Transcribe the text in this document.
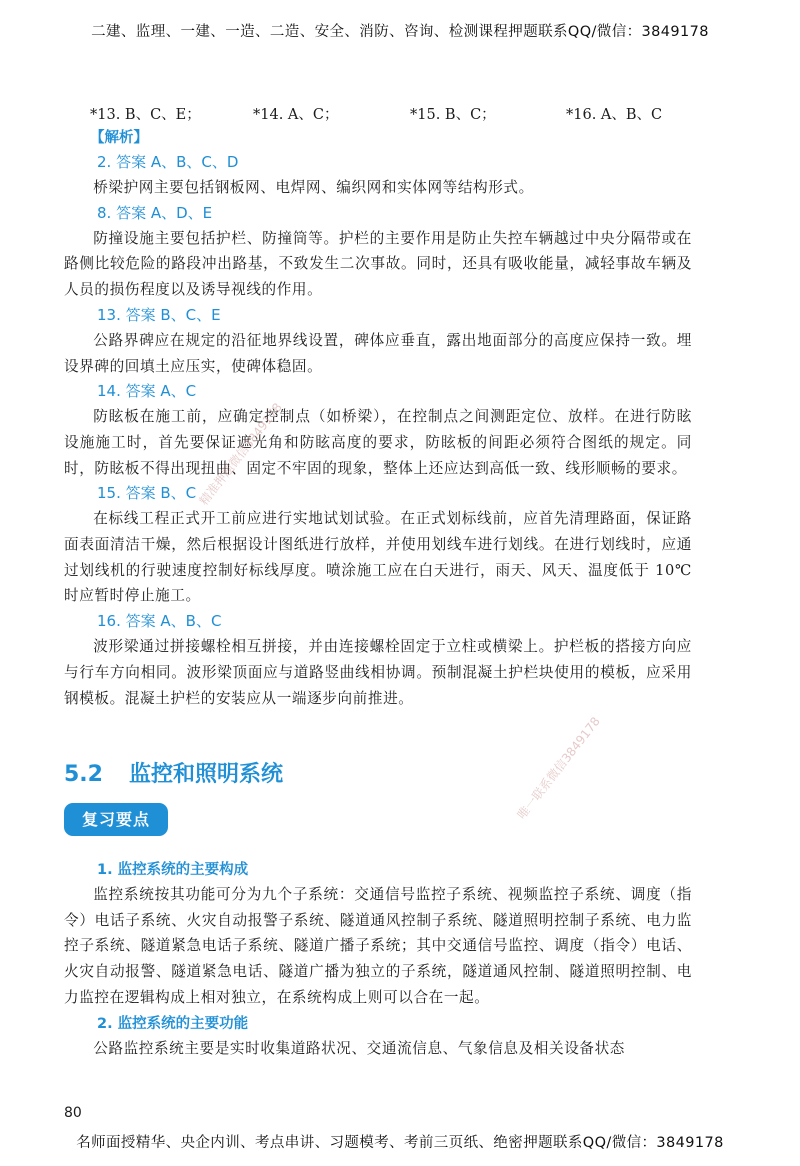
二建、监理、一建、一造、二造、安全、消防、咨询、检测课程押题联系QQ/微信：3849178
*13. B、C、E；	*14. A、C；	*15. B、C；	*16. A、B、C
【解析】
2. 答案 A、B、C、D

桥梁护网主要包括钢板网、电焊网、编织网和实体网等结构形式。

8. 答案 A、D、E

防撞设施主要包括护栏、防撞筒等。护栏的主要作用是防止失控车辆越过中央分隔带或在路侧比较危险的路段冲出路基，不致发生二次事故。同时，还具有吸收能量，减轻事故车辆及人员的损伤程度以及诱导视线的作用。

13. 答案 B、C、E

公路界碑应在规定的沿征地界线设置，碑体应垂直，露出地面部分的高度应保持一致。埋设界碑的回填土应压实，使碑体稳固。

14. 答案 A、C

防眩板在施工前，应确定控制点（如桥梁），在控制点之间测距定位、放样。在进行防眩设施施工时，首先要保证遮光角和防眩高度的要求，防眩板的间距必须符合图纸的规定。同时，防眩板不得出现扭曲、固定不牢固的现象，整体上还应达到高低一致、线形顺畅的要求。

15. 答案 B、C

在标线工程正式开工前应进行实地试划试验。在正式划标线前，应首先清理路面，保证路面表面清洁干燥，然后根据设计图纸进行放样，并使用划线车进行划线。在进行划线时，应通过划线机的行驶速度控制好标线厚度。喷涂施工应在白天进行，雨天、风天、温度低于 10℃时应暂时停止施工。

16. 答案 A、B、C

波形梁通过拼接螺栓相互拼接，并由连接螺栓固定于立柱或横梁上。护栏板的搭接方向应与行车方向相同。波形梁顶面应与道路竖曲线相协调。预制混凝土护栏块使用的模板，应采用钢模板。混凝土护栏的安装应从一端逐步向前推进。

5.2 监控和照明系统
复习要点
1. 监控系统的主要构成

监控系统按其功能可分为九个子系统：交通信号监控子系统、视频监控子系统、调度（指令）电话子系统、火灾自动报警子系统、隧道通风控制子系统、隧道照明控制子系统、电力监控子系统、隧道紧急电话子系统、隧道广播子系统；其中交通信号监控、调度（指令）电话、火灾自动报警、隧道紧急电话、隧道广播为独立的子系统，隧道通风控制、隧道照明控制、电力监控在逻辑构成上相对独立，在系统构成上则可以合在一起。

2. 监控系统的主要功能

公路监控系统主要是实时收集道路状况、交通流信息、气象信息及相关设备状态

80
名师面授精华、央企内训、考点串讲、习题模考、考前三页纸、绝密押题联系QQ/微信：3849178
精准押题微信3849178
唯一联系微信3849178
